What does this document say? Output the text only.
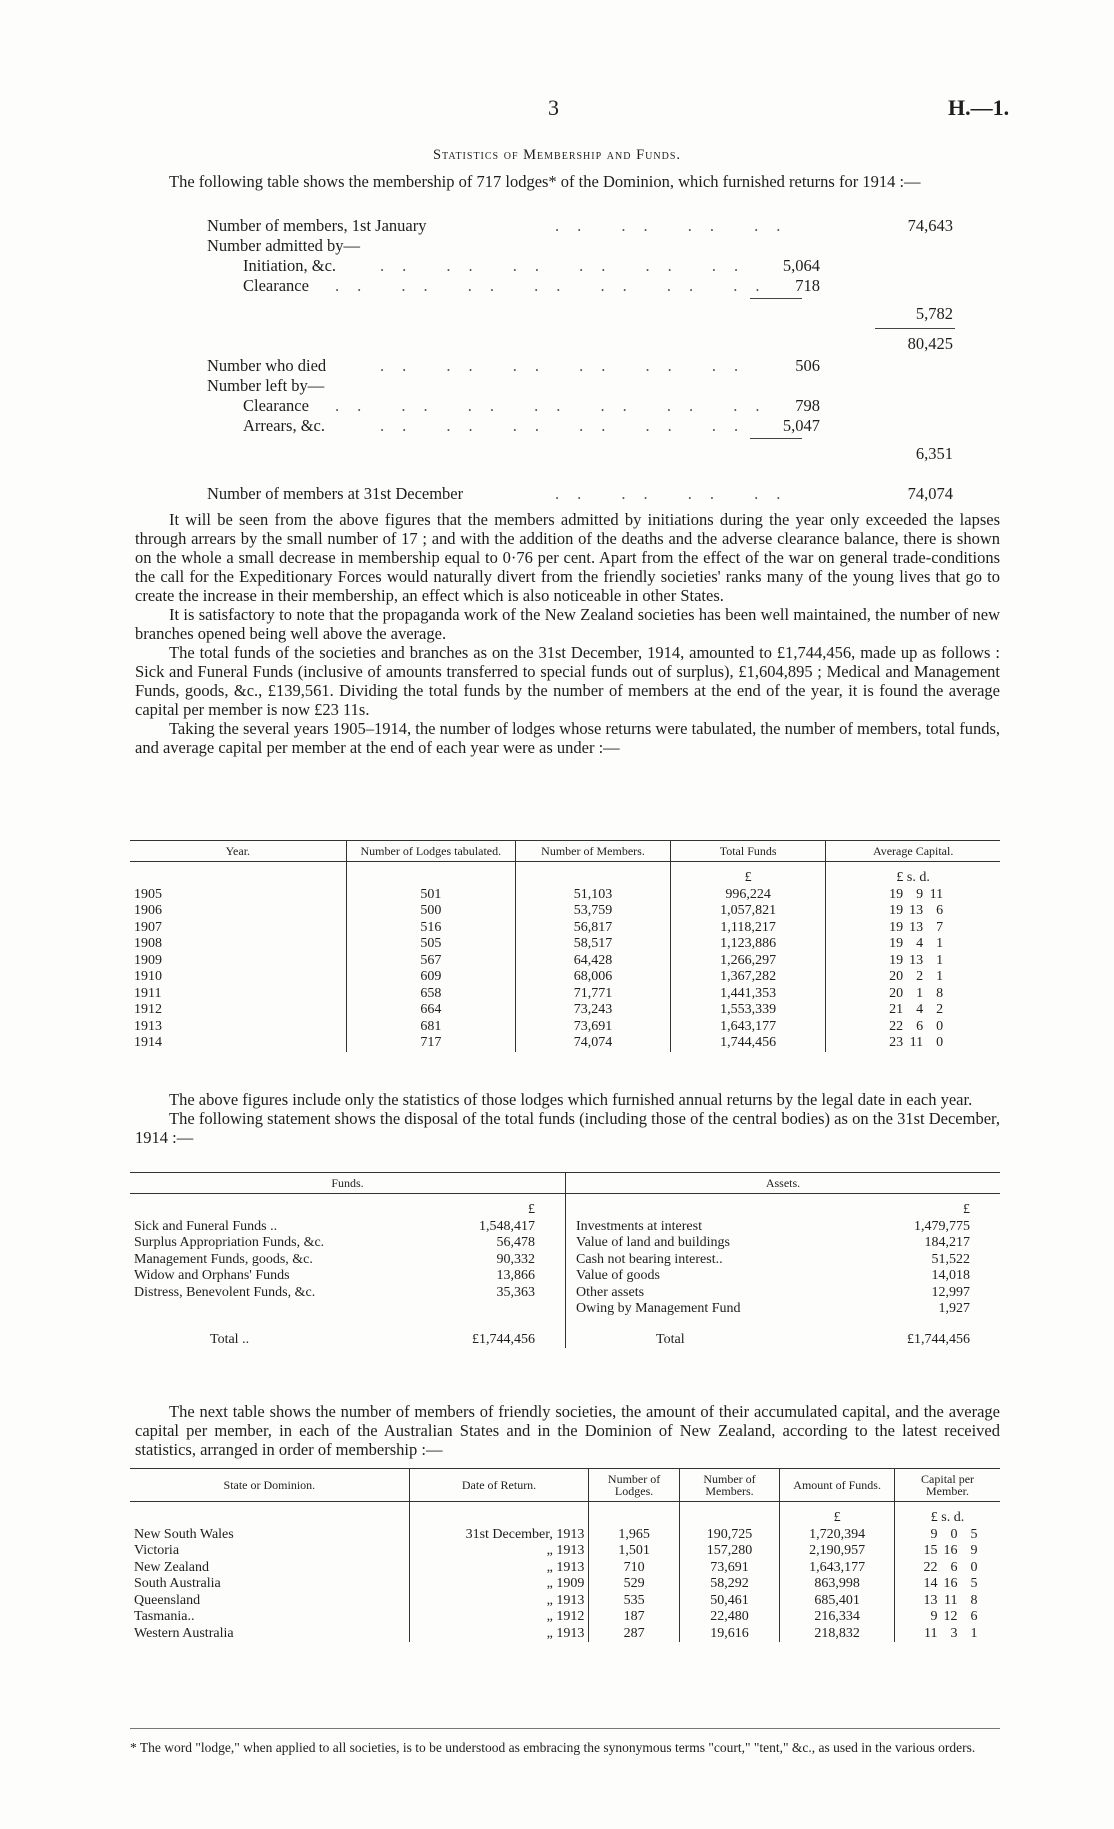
3	H.—1.
Statistics of Membership and Funds.

The following table shows the membership of 717 lodges* of the Dominion, which furnished returns for 1914 :—

Number of members, 1st January	.. .. .. ..	74,643
Number admitted by—
Initiation, &c.	.. .. .. .. .. .. 5,064
Clearance .. .. .. .. .. .. .. 718
5,782
80,425
Number who died	.. .. .. .. .. .. 506
Number left by—
Clearance .. .. .. .. .. .. .. 798
Arrears, &c.	.. .. .. .. .. .. 5,047
6,351
Number of members at 31st December	.. .. .. ..	74,074

It will be seen from the above figures that the members admitted by initiations during the year only exceeded the lapses through arrears by the small number of 17 ; and with the addition of the deaths and the adverse clearance balance, there is shown on the whole a small decrease in membership equal to 0·76 per cent. Apart from the effect of the war on general trade-conditions the call for the Expeditionary Forces would naturally divert from the friendly societies' ranks many of the young lives that go to create the increase in their membership, an effect which is also noticeable in other States.

It is satisfactory to note that the propaganda work of the New Zealand societies has been well maintained, the number of new branches opened being well above the average.

The total funds of the societies and branches as on the 31st December, 1914, amounted to £1,744,456, made up as follows : Sick and Funeral Funds (inclusive of amounts transferred to special funds out of surplus), £1,604,895 ; Medical and Management Funds, goods, &c., £139,561. Dividing the total funds by the number of members at the end of the year, it is found the average capital per member is now £23 11s.

Taking the several years 1905–1914, the number of lodges whose returns were tabulated, the number of members, total funds, and average capital per member at the end of each year were as under :—

Year.	Number of Lodges tabulated.	Number of Members.	Total Funds	Average Capital.
			£	£ s. d.
1905	501	51,103	996,224	19 9 11
1906	500	53,759	1,057,821	19 13 6
1907	516	56,817	1,118,217	19 13 7
1908	505	58,517	1,123,886	19 4 1
1909	567	64,428	1,266,297	19 13 1
1910	609	68,006	1,367,282	20 2 1
1911	658	71,771	1,441,353	20 1 8
1912	664	73,243	1,553,339	21 4 2
1913	681	73,691	1,643,177	22 6 0
1914	717	74,074	1,744,456	23 11 0

The above figures include only the statistics of those lodges which furnished annual returns by the legal date in each year.

The following statement shows the disposal of the total funds (including those of the central bodies) as on the 31st December, 1914 :—

Funds.		Assets.	
	£		£
Sick and Funeral Funds ..	1,548,417	Investments at interest	1,479,775
Surplus Appropriation Funds, &c.	56,478	Value of land and buildings	184,217
Management Funds, goods, &c.	90,332	Cash not bearing interest..	51,522
Widow and Orphans' Funds	13,866	Value of goods	14,018
Distress, Benevolent Funds, &c.	35,363	Other assets	12,997
		Owing by Management Fund	1,927

Total ..	£1,744,456	Total	£1,744,456

The next table shows the number of members of friendly societies, the amount of their accumulated capital, and the average capital per member, in each of the Australian States and in the Dominion of New Zealand, according to the latest received statistics, arranged in order of membership :—

State or Dominion.	Date of Return.	Number of Lodges.	Number of Members.	Amount of Funds.	Capital per Member.
				£	£ s. d.
New South Wales	31st December, 1913	1,965	190,725	1,720,394	9 0 5
Victoria	„ 1913	1,501	157,280	2,190,957	15 16 9
New Zealand	„ 1913	710	73,691	1,643,177	22 6 0
South Australia	„ 1909	529	58,292	863,998	14 16 5
Queensland	„ 1913	535	50,461	685,401	13 11 8
Tasmania..	„ 1912	187	22,480	216,334	9 12 6
Western Australia	„ 1913	287	19,616	218,832	11 3 1
* The word "lodge," when applied to all societies, is to be understood as embracing the synonymous terms "court," "tent," &c., as used in the various orders.
